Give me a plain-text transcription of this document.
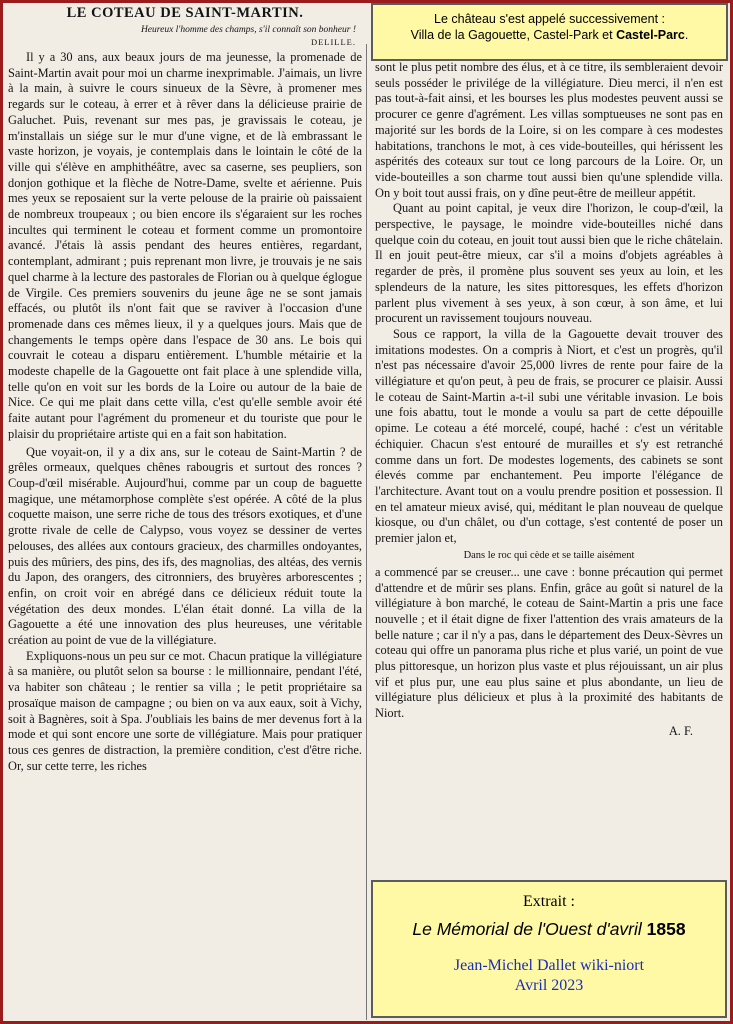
LE COTEAU DE SAINT-MARTIN.
Heureux l'homme des champs, s'il connaît son bonheur !
DELILLE.

Il y a 30 ans, aux beaux jours de ma jeunesse, la promenade de Saint-Martin avait pour moi un charme inexprimable. J'aimais, un livre à la main, à suivre le cours sinueux de la Sèvre, à promener mes regards sur le coteau, à errer et à rêver dans la délicieuse prairie de Galuchet. Puis, revenant sur mes pas, je gravissais le coteau, je m'installais un siége sur le mur d'une vigne, et de là embrassant le vaste horizon, je voyais, je contemplais dans le lointain le côté de la ville qui s'élève en amphithéâtre, avec sa caserne, ses peupliers, son donjon gothique et la flèche de Notre-Dame, svelte et aérienne. Puis mes yeux se reposaient sur la verte pelouse de la prairie où paissaient de nombreux troupeaux ; ou bien encore ils s'égaraient sur les roches incultes qui terminent le coteau et forment comme un promontoire avancé. J'étais là assis pendant des heures entières, regardant, contemplant, admirant ; puis reprenant mon livre, je trouvais je ne sais quel charme à la lecture des pastorales de Florian ou à quelque églogue de Virgile. Ces premiers souvenirs du jeune âge ne se sont jamais effacés, ou plutôt ils n'ont fait que se raviver à l'occasion d'une promenade dans ces mêmes lieux, il y a quelques jours. Mais que de changements le temps opère dans l'espace de 30 ans. Le bois qui couvrait le coteau a disparu entièrement. L'humble métairie et la modeste chapelle de la Gagouette ont fait place à une splendide villa, telle qu'on en voit sur les bords de la Loire ou autour de la baie de Nice. Ce qui me plait dans cette villa, c'est qu'elle semble avoir été faite autant pour l'agrément du promeneur et du touriste que pour le plaisir du propriétaire artiste qui en a fait son habitation.

Que voyait-on, il y a dix ans, sur le coteau de Saint-Martin ? de grêles ormeaux, quelques chênes rabougris et surtout des ronces ? Coup-d'œil misérable. Aujourd'hui, comme par un coup de baguette magique, une métamorphose complète s'est opérée. A côté de la plus coquette maison, une serre riche de tous des trésors exotiques, et d'une grotte rivale de celle de Calypso, vous voyez se dessiner de vertes pelouses, des allées aux contours gracieux, des charmilles ondoyantes, puis des mûriers, des pins, des ifs, des magnolias, des altéas, des vernis du Japon, des orangers, des citronniers, des bruyères arborescentes ; enfin, on croit voir en abrégé dans ce délicieux réduit toute la végétation des deux mondes. L'élan était donné. La villa de la Gagouette a été une innovation des plus heureuses, une véritable création au point de vue de la villégiature.

Expliquons-nous un peu sur ce mot. Chacun pratique la villégiature à sa manière, ou plutôt selon sa bourse : le millionnaire, pendant l'été, va habiter son château ; le rentier sa villa ; le petit propriétaire sa prosaïque maison de campagne ; ou bien on va aux eaux, soit à Vichy, soit à Bagnères, soit à Spa. J'oubliais les bains de mer devenus fort à la mode et qui sont encore une sorte de villégiature. Mais pour pratiquer tous ces genres de distraction, la première condition, c'est d'être riche. Or, sur cette terre, les riches

Le château s'est appelé successivement :
Villa de la Gagouette, Castel-Park et Castel-Parc.

sont le plus petit nombre des élus, et à ce titre, ils sembleraient devoir seuls posséder le privilége de la villégiature. Dieu merci, il n'en est pas tout-à-fait ainsi, et les bourses les plus modestes peuvent aussi se procurer ce genre d'agrément. Les villas somptueuses ne sont pas en majorité sur les bords de la Loire, si on les compare à ces modestes habitations, tranchons le mot, à ces vide-bouteilles, qui hérissent les aspérités des coteaux sur tout ce long parcours de la Loire. Or, un vide-bouteilles a son charme tout aussi bien qu'une splendide villa. On y boit tout aussi frais, on y dîne peut-être de meilleur appétit.

Quant au point capital, je veux dire l'horizon, le coup-d'œil, la perspective, le paysage, le moindre vide-bouteilles niché dans quelque coin du coteau, en jouit tout aussi bien que le riche châtelain. Il en jouit peut-être mieux, car s'il a moins d'objets agréables à regarder de près, il promène plus souvent ses yeux au loin, et les splendeurs de la nature, les sites pittoresques, les effets d'horizon parlent plus vivement à ses yeux, à son cœur, à son âme, et lui procurent un ravissement toujours nouveau.

Sous ce rapport, la villa de la Gagouette devait trouver des imitations modestes. On a compris à Niort, et c'est un progrès, qu'il n'est pas nécessaire d'avoir 25,000 livres de rente pour faire de la villégiature et qu'on peut, à peu de frais, se procurer ce plaisir. Aussi le coteau de Saint-Martin a-t-il subi une véritable invasion. Le bois une fois abattu, tout le monde a voulu sa part de cette dépouille opime. Le coteau a été morcelé, coupé, haché : c'est un véritable échiquier. Chacun s'est entouré de murailles et s'y est retranché comme dans un fort. De modestes logements, des cabinets se sont élevés comme par enchantement. Peu importe l'élégance de l'architecture. Avant tout on a voulu prendre position et possession. Il en tel amateur mieux avisé, qui, méditant le plan nouveau de quelque kiosque, ou d'un châlet, ou d'un cottage, s'est contenté de poser un premier jalon et,

Dans le roc qui cède et se taille aisément

a commencé par se creuser... une cave : bonne précaution qui permet d'attendre et de mûrir ses plans. Enfin, grâce au goût si naturel de la villégiature à bon marché, le coteau de Saint-Martin a pris une face nouvelle ; et il était digne de fixer l'attention des vrais amateurs de la belle nature ; car il n'y a pas, dans le département des Deux-Sèvres un coteau qui offre un panorama plus riche et plus varié, un point de vue plus pittoresque, un horizon plus vaste et plus réjouissant, un air plus vif et plus pur, une eau plus saine et plus abondante, un lieu de villégiature plus délicieux et plus à la proximité des habitants de Niort.

A. F.
Extrait :
Le Mémorial de l'Ouest d'avril 1858
Jean-Michel Dallet wiki-niort
Avril 2023
